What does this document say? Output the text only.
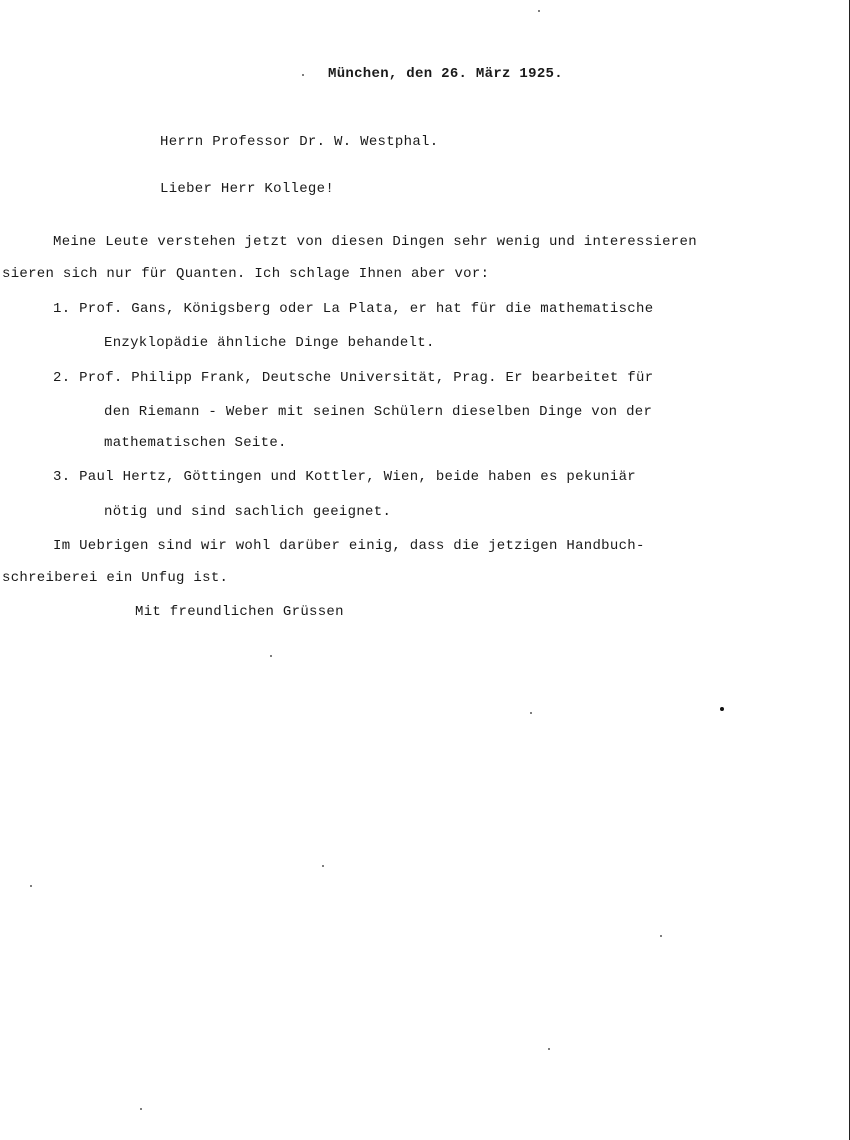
München, den 26. März 1925.
Herrn Professor Dr. W. Westphal.
Lieber Herr Kollege!
Meine Leute verstehen jetzt von diesen Dingen sehr wenig und interessieren
sieren sich nur für Quanten. Ich schlage Ihnen aber vor:
1. Prof. Gans, Königsberg oder La Plata, er hat für die mathematische
Enzyklopädie ähnliche Dinge behandelt.
2. Prof. Philipp Frank, Deutsche Universität, Prag. Er bearbeitet für
den Riemann - Weber mit seinen Schülern dieselben Dinge von der
mathematischen Seite.
3. Paul Hertz, Göttingen und Kottler, Wien, beide haben es pekuniär
nötig und sind sachlich geeignet.
Im Uebrigen sind wir wohl darüber einig, dass die jetzigen Handbuch-
schreiberei ein Unfug ist.
Mit freundlichen Grüssen
